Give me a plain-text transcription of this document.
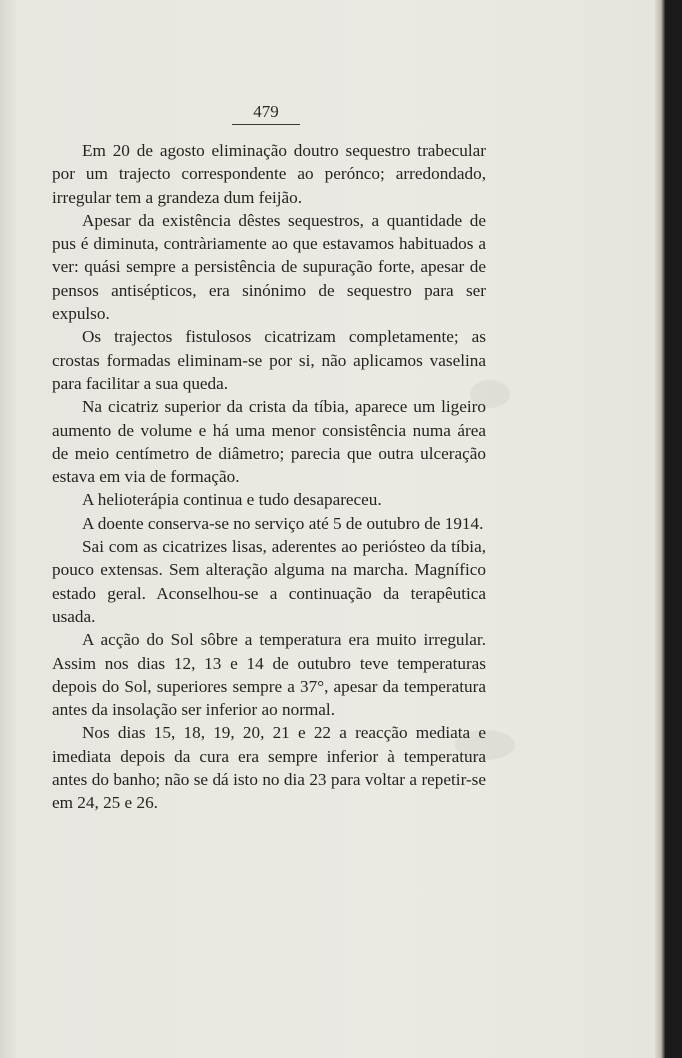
479

Em 20 de agosto eliminação doutro sequestro trabecular por um trajecto correspondente ao perónco; arredondado, irregular tem a grandeza dum feijão.

Apesar da existência dêstes sequestros, a quantidade de pus é diminuta, contràriamente ao que estavamos habituados a ver: quási sempre a persistência de supuração forte, apesar de pensos antisépticos, era sinónimo de sequestro para ser expulso.

Os trajectos fistulosos cicatrizam completamente; as crostas formadas eliminam-se por si, não aplicamos vaselina para facilitar a sua queda.

Na cicatriz superior da crista da tíbia, aparece um ligeiro aumento de volume e há uma menor consistência numa área de meio centímetro de diâmetro; parecia que outra ulceração estava em via de formação.

A helioterápia continua e tudo desapareceu.

A doente conserva-se no serviço até 5 de outubro de 1914.

Sai com as cicatrizes lisas, aderentes ao periósteo da tíbia, pouco extensas. Sem alteração alguma na marcha. Magnífico estado geral. Aconselhou-se a continuação da terapêutica usada.

A acção do Sol sôbre a temperatura era muito irregular. Assim nos dias 12, 13 e 14 de outubro teve temperaturas depois do Sol, superiores sempre a 37°, apesar da temperatura antes da insolação ser inferior ao normal.

Nos dias 15, 18, 19, 20, 21 e 22 a reacção mediata e imediata depois da cura era sempre inferior à temperatura antes do banho; não se dá isto no dia 23 para voltar a repetir-se em 24, 25 e 26.
